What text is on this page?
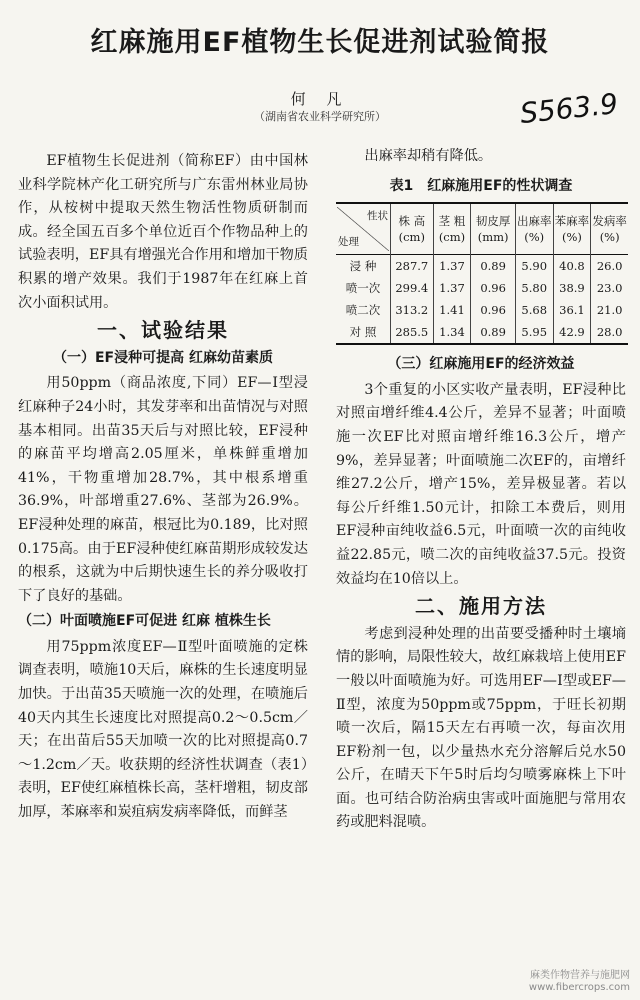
红麻施用EF植物生长促进剂试验简报
何 凡
（湖南省农业科学研究所）	S563.9

EF植物生长促进剂（简称EF）由中国林业科学院林产化工研究所与广东雷州林业局协作，从桉树中提取天然生物活性物质研制而成。经全国五百多个单位近百个作物品种上的试验表明，EF具有增强光合作用和增加干物质积累的增产效果。我们于1987年在红麻上首次小面积试用。

一、试验结果
（一）EF浸种可提高 红麻幼苗素质

用50ppm（商品浓度,下同）EF—Ⅰ型浸红麻种子24小时，其发芽率和出苗情况与对照基本相同。出苗35天后与对照比较，EF浸种的麻苗平均增高2.05厘米，单株鲜重增加41%，干物重增加28.7%，其中根系增重36.9%，叶部增重27.6%、茎部为26.9%。EF浸种处理的麻苗，根冠比为0.189，比对照0.175高。由于EF浸种使红麻苗期形成较发达的根系，这就为中后期快速生长的养分吸收打下了良好的基础。

（二）叶面喷施EF可促进 红麻 植株生长

用75ppm浓度EF—Ⅱ型叶面喷施的定株调查表明，喷施10天后，麻株的生长速度明显加快。于出苗35天喷施一次的处理，在喷施后40天内其生长速度比对照提高0.2～0.5cm／天；在出苗后55天加喷一次的比对照提高0.7～1.2cm／天。收获期的经济性状调查（表1）表明，EF使红麻植株长高，茎杆增粗，韧皮部加厚，苯麻率和炭疽病发病率降低，而鲜茎

出麻率却稍有降低。

表1　红麻施用EF的性状调查
性状
处理	株 高 (cm)	茎 粗 (cm)	韧皮厚 (mm)	出麻率 (%)	苯麻率 (%)	发病率 (%)
浸 种	287.7	1.37	0.89	5.90	40.8	26.0
喷一次	299.4	1.37	0.96	5.80	38.9	23.0
喷二次	313.2	1.41	0.96	5.68	36.1	21.0
对 照	285.5	1.34	0.89	5.95	42.9	28.0
（三）红麻施用EF的经济效益

3个重复的小区实收产量表明，EF浸种比对照亩增纤维4.4公斤，差异不显著；叶面喷施一次EF比对照亩增纤维16.3公斤，增产9%，差异显著；叶面喷施二次EF的，亩增纤维27.2公斤，增产15%，差异极显著。若以每公斤纤维1.50元计，扣除工本费后，则用EF浸种亩纯收益6.5元，叶面喷一次的亩纯收益22.85元，喷二次的亩纯收益37.5元。投资效益均在10倍以上。

二、施用方法

考虑到浸种处理的出苗要受播种时土壤墒情的影响，局限性较大，故红麻栽培上使用EF一般以叶面喷施为好。可选用EF—Ⅰ型或EF—Ⅱ型，浓度为50ppm或75ppm，于旺长初期喷一次后，隔15天左右再喷一次，每亩次用EF粉剂一包，以少量热水充分溶解后兑水50公斤，在晴天下午5时后均匀喷雾麻株上下叶面。也可结合防治病虫害或叶面施肥与常用农药或肥料混喷。

麻类作物营养与施肥网
www.fibercrops.com
